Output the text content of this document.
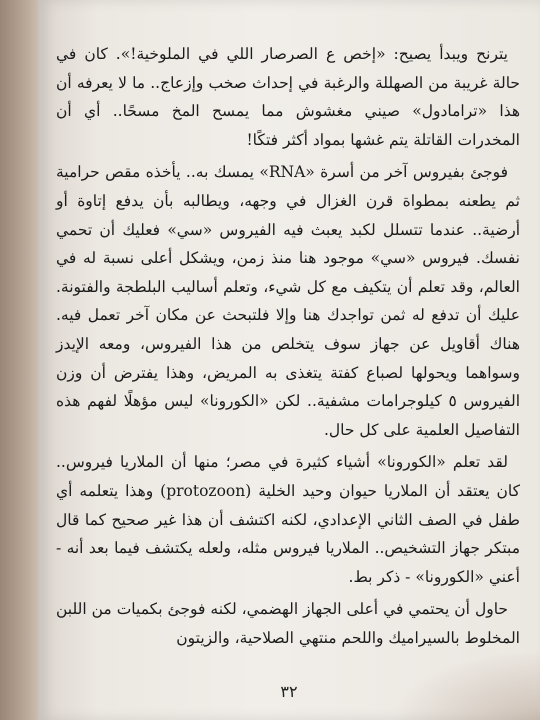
يترنح ويبدأ يصيح: «إخص ع الصرصار اللي في الملوخية!». كان في حالة غريبة من الصهللة والرغبة في إحداث صخب وإزعاج.. ما لا يعرفه أن هذا «ترامادول» صيني مغشوش مما يمسح المخ مسحًا.. أي أن المخدرات القاتلة يتم غشها بمواد أكثر فتكًا!

فوجئ بفيروس آخر من أسرة «RNA» يمسك به.. يأخذه مقص حرامية ثم يطعنه بمطواة قرن الغزال في وجهه، ويطالبه بأن يدفع إتاوة أو أرضية.. عندما تتسلل لكبد يعبث فيه الفيروس «سي» فعليك أن تحمي نفسك. فيروس «سي» موجود هنا منذ زمن، ويشكل أعلى نسبة له في العالم، وقد تعلم أن يتكيف مع كل شيء، وتعلم أساليب البلطجة والفتونة. عليك أن تدفع له ثمن تواجدك هنا وإلا فلتبحث عن مكان آخر تعمل فيه. هناك أقاويل عن جهاز سوف يتخلص من هذا الفيروس، ومعه الإيدز وسواهما ويحولها لصباع كفتة يتغذى به المريض، وهذا يفترض أن وزن الفيروس ٥ كيلوجرامات مشفية.. لكن «الكورونا» ليس مؤهلًا لفهم هذه التفاصيل العلمية على كل حال.

لقد تعلم «الكورونا» أشياء كثيرة في مصر؛ منها أن الملاريا فيروس.. كان يعتقد أن الملاريا حيوان وحيد الخلية (protozoon) وهذا يتعلمه أي طفل في الصف الثاني الإعدادي، لكنه اكتشف أن هذا غير صحيح كما قال مبتكر جهاز التشخيص.. الملاريا فيروس مثله، ولعله يكتشف فيما بعد أنه - أعني «الكورونا» - ذكر بط.

حاول أن يحتمي في أعلى الجهاز الهضمي، لكنه فوجئ بكميات من اللبن المخلوط بالسيراميك واللحم منتهي الصلاحية، والزيتون

٣٢
